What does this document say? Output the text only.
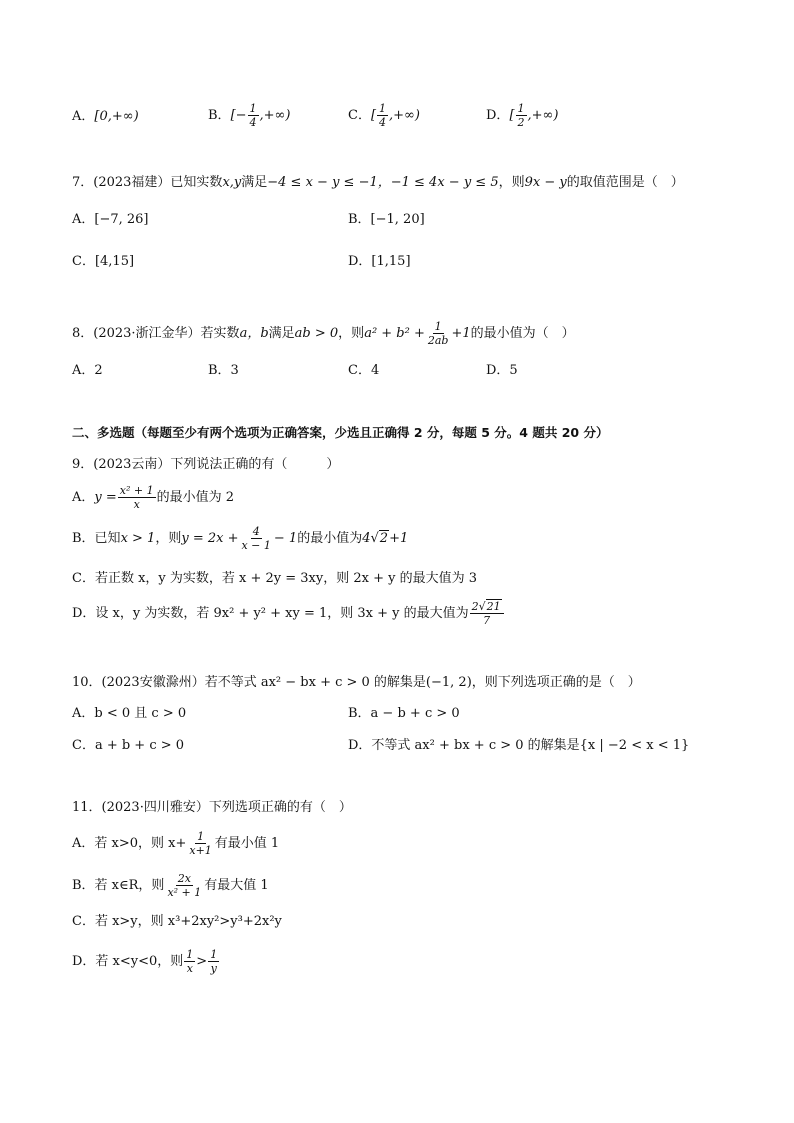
A．[0,+∞)	B．[− $\frac{1}{4}$ ,+∞)	C．[ $\frac{1}{4}$ ,+∞)	D．[ $\frac{1}{2}$ ,+∞)
7．(2023福建）已知实数x,y满足−4 ≤ x − y ≤ −1，−1 ≤ 4x − y ≤ 5，则9x − y的取值范围是（　）
A．[−7, 26]	B．[−1, 20]
C．[4,15]	D．[1,15]
8．(2023·浙江金华）若实数a，b满足ab > 0，则$a^2 + b^2 + \frac{1}{2ab} +1$的最小值为（　）
A．2	B．3	C．4	D．5
二、多选题（每题至少有两个选项为正确答案，少选且正确得 2 分，每题 5 分。4 题共 20 分）
9．(2023云南）下列说法正确的有（　　　）
A．$y = \frac{\text{x² + 1}}{x}$ 的最小值为 2
B．已知x > 1，则$y = 2x + \frac{4}{x - 1} - 1$的最小值为4√2+1
C．若正数 x，y 为实数，若 x + 2y = 3xy，则 2x + y 的最大值为 3
D．设 x，y 为实数，若 9x² + y² + xy = 1，则 3x + y 的最大值为 $\frac{2√21}{7}$
10．(2023安徽滁州）若不等式 ax² − bx + c > 0 的解集是(−1, 2)，则下列选项正确的是（　）
A．b < 0 且 c > 0	B．a − b + c > 0
C．a + b + c > 0	D．不等式 ax² + bx + c > 0 的解集是{x | −2 < x < 1}
11．(2023·四川雅安）下列选项正确的有（　）
A．若 x>0，则 $x+ \frac{1}{x+1}$ 有最小值 1
B．若 x∈R，则 $\frac{2x}{\text{x² + 1}}$ 有最大值 1
C．若 x>y，则 x³+2xy²>y³+2x²y
D．若 x<y<0，则 $\frac{1}{x} > \frac{1}{y}$
